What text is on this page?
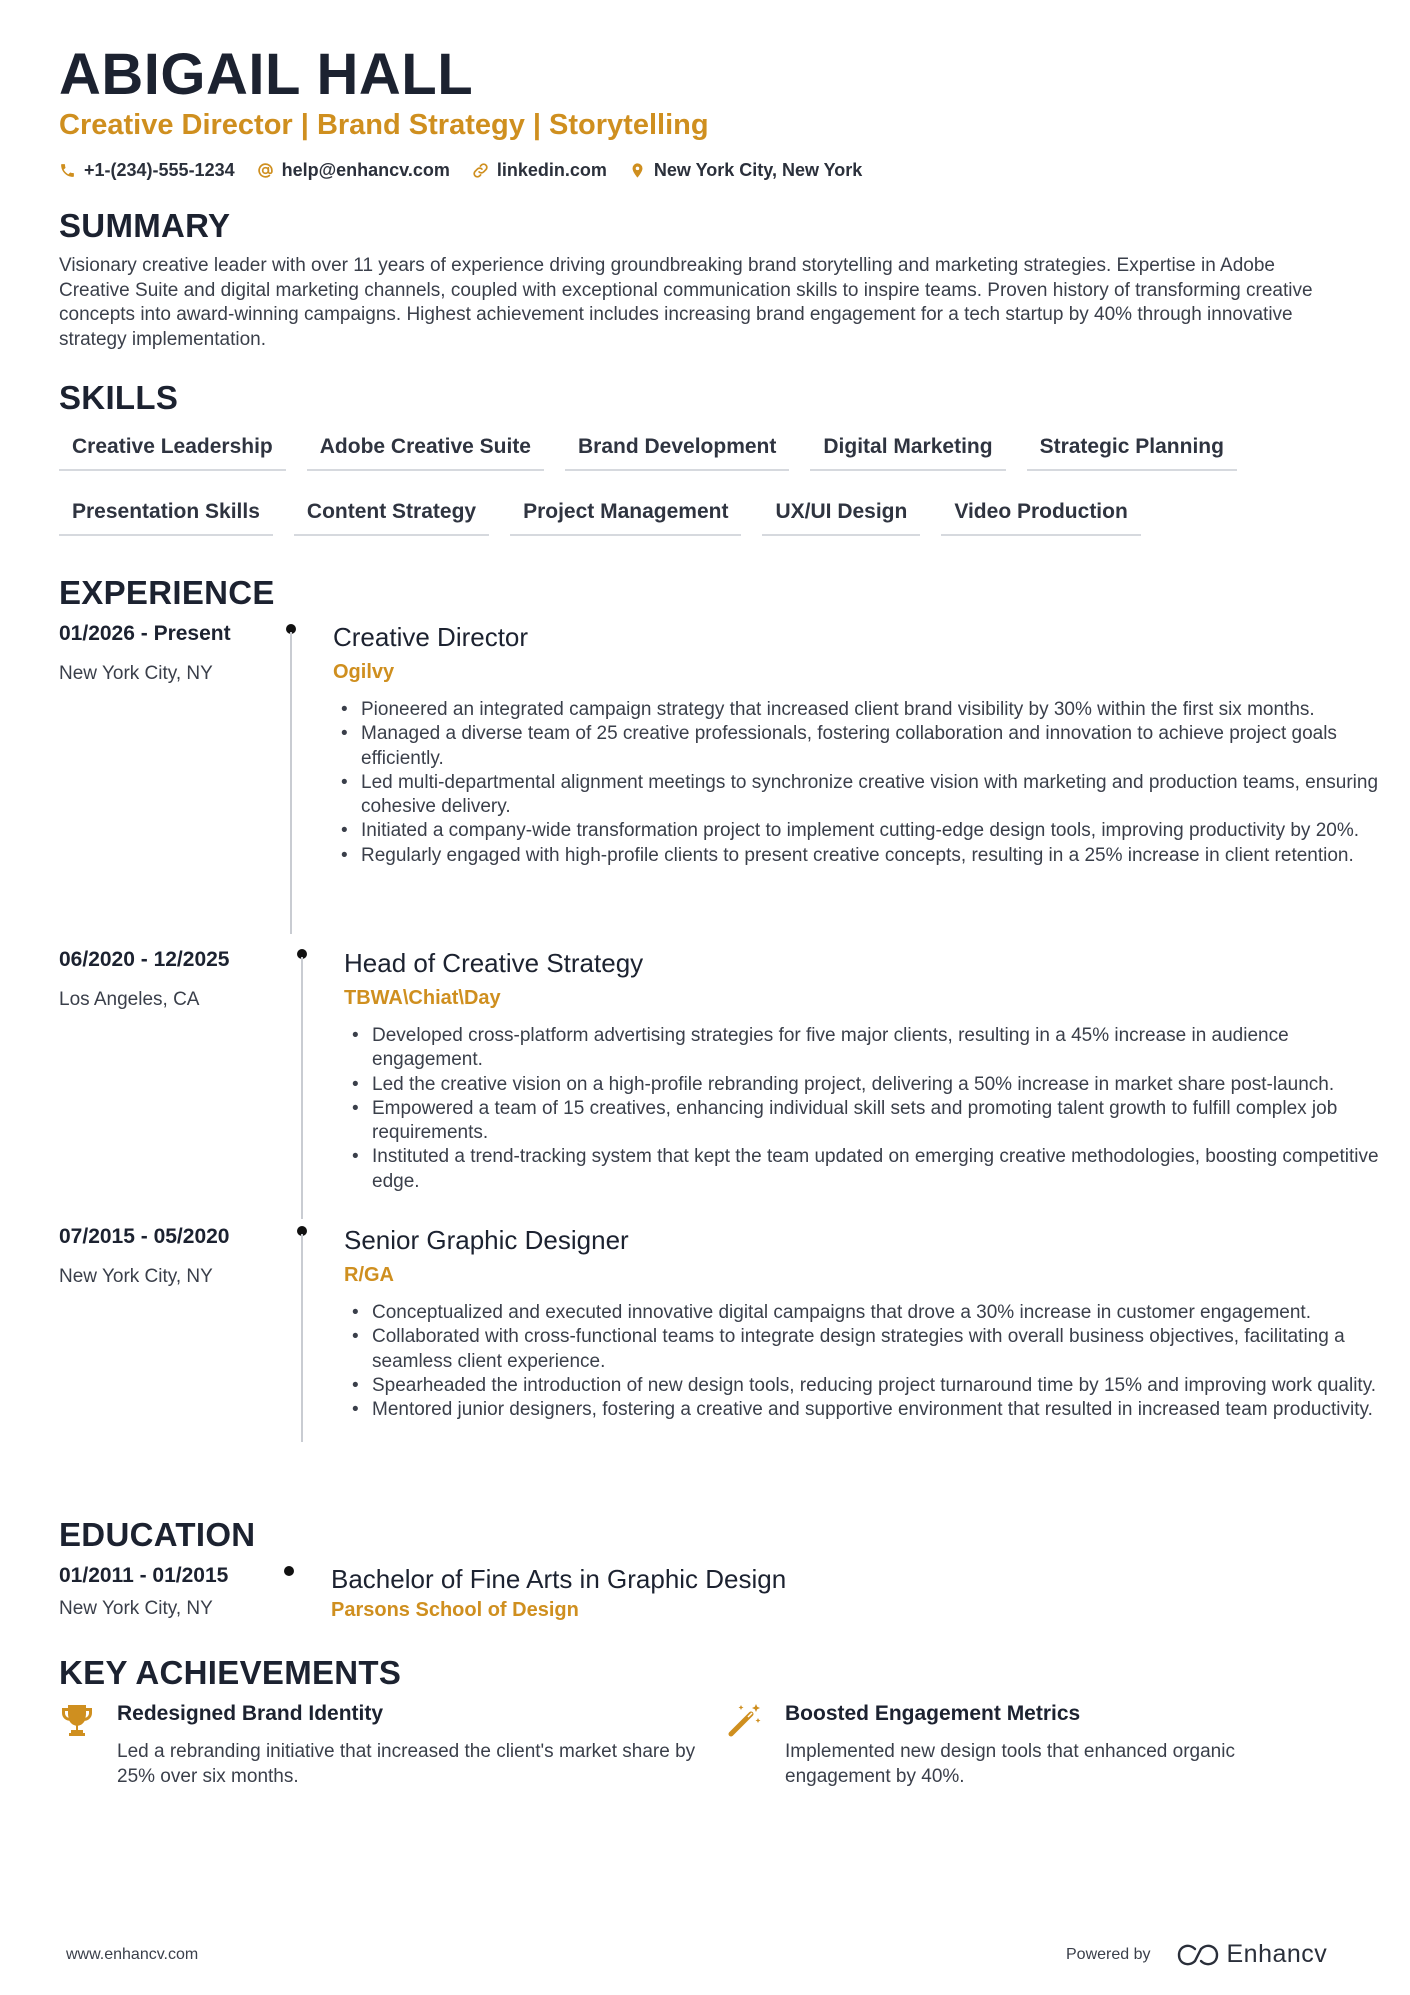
ABIGAIL HALL
Creative Director | Brand Strategy | Storytelling
+1-(234)-555-1234	help@enhancv.com	linkedin.com	New York City, New York
SUMMARY
Visionary creative leader with over 11 years of experience driving groundbreaking brand storytelling and marketing strategies. Expertise in Adobe Creative Suite and digital marketing channels, coupled with exceptional communication skills to inspire teams. Proven history of transforming creative concepts into award-winning campaigns. Highest achievement includes increasing brand engagement for a tech startup by 40% through innovative strategy implementation.
SKILLS
Creative Leadership	Adobe Creative Suite	Brand Development	Digital Marketing	Strategic Planning
Presentation Skills	Content Strategy	Project Management	UX/UI Design	Video Production
EXPERIENCE
01/2026 - Present
New York City, NY
Creative Director
Ogilvy
• Pioneered an integrated campaign strategy that increased client brand visibility by 30% within the first six months.
• Managed a diverse team of 25 creative professionals, fostering collaboration and innovation to achieve project goals efficiently.
• Led multi-departmental alignment meetings to synchronize creative vision with marketing and production teams, ensuring cohesive delivery.
• Initiated a company-wide transformation project to implement cutting-edge design tools, improving productivity by 20%.
• Regularly engaged with high-profile clients to present creative concepts, resulting in a 25% increase in client retention.
06/2020 - 12/2025
Los Angeles, CA
Head of Creative Strategy
TBWA\Chiat\Day
• Developed cross-platform advertising strategies for five major clients, resulting in a 45% increase in audience engagement.
• Led the creative vision on a high-profile rebranding project, delivering a 50% increase in market share post-launch.
• Empowered a team of 15 creatives, enhancing individual skill sets and promoting talent growth to fulfill complex job requirements.
• Instituted a trend-tracking system that kept the team updated on emerging creative methodologies, boosting competitive edge.
07/2015 - 05/2020
New York City, NY
Senior Graphic Designer
R/GA
• Conceptualized and executed innovative digital campaigns that drove a 30% increase in customer engagement.
• Collaborated with cross-functional teams to integrate design strategies with overall business objectives, facilitating a seamless client experience.
• Spearheaded the introduction of new design tools, reducing project turnaround time by 15% and improving work quality.
• Mentored junior designers, fostering a creative and supportive environment that resulted in increased team productivity.
EDUCATION
01/2011 - 01/2015
New York City, NY
Bachelor of Fine Arts in Graphic Design
Parsons School of Design
KEY ACHIEVEMENTS
Redesigned Brand Identity
Led a rebranding initiative that increased the client's market share by 25% over six months.
Boosted Engagement Metrics
Implemented new design tools that enhanced organic engagement by 40%.
www.enhancv.com	Powered by	Enhancv
